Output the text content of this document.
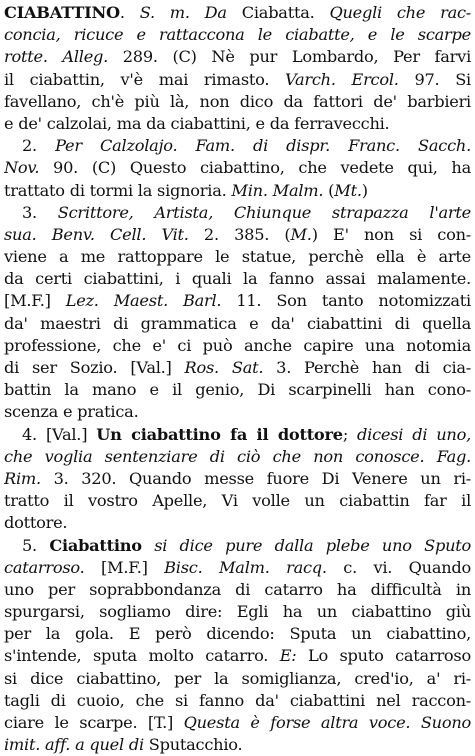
CIABATTINO. S. m. Da Ciabatta. Quegli che rac-
concia, ricuce e rattaccona le ciabatte, e le scarpe
rotte. Alleg. 289. (C) Nè pur Lombardo, Per farvi
il ciabattin, v'è mai rimasto. Varch. Ercol. 97. Si
favellano, ch'è più là, non dico da fattori de' barbieri
e de' calzolai, ma da ciabattini, e da ferravecchi.
2. Per Calzolajo. Fam. di dispr. Franc. Sacch.
Nov. 90. (C) Questo ciabattino, che vedete qui, ha
trattato di tormi la signoria. Min. Malm. (Mt.)
3. Scrittore, Artista, Chiunque strapazza l'arte
sua. Benv. Cell. Vit. 2. 385. (M.) E' non si con-
viene a me rattoppare le statue, perchè ella è arte
da certi ciabattini, i quali la fanno assai malamente.
[M.F.] Lez. Maest. Barl. 11. Son tanto notomizzati
da' maestri di grammatica e da' ciabattini di quella
professione, che e' ci può anche capire una notomia
di ser Sozio. [Val.] Ros. Sat. 3. Perchè han di cia-
battin la mano e il genio, Di scarpinelli han cono-
scenza e pratica.
4. [Val.] Un ciabattino fa il dottore; dicesi di uno,
che voglia sentenziare di ciò che non conosce. Fag.
Rim. 3. 320. Quando messe fuore Di Venere un ri-
tratto il vostro Apelle, Vi volle un ciabattin far il
dottore.
5. Ciabattino si dice pure dalla plebe uno Sputo
catarroso. [M.F.] Bisc. Malm. racq. c. vi. Quando
uno per soprabbondanza di catarro ha difficultà in
spurgarsi, sogliamo dire: Egli ha un ciabattino giù
per la gola. E però dicendo: Sputa un ciabattino,
s'intende, sputa molto catarro. E: Lo sputo catarroso
si dice ciabattino, per la somiglianza, cred'io, a' ri-
tagli di cuoio, che si fanno da' ciabattini nel raccon-
ciare le scarpe. [T.] Questa è forse altra voce. Suono
imit. aff. a quel di Sputacchio.
